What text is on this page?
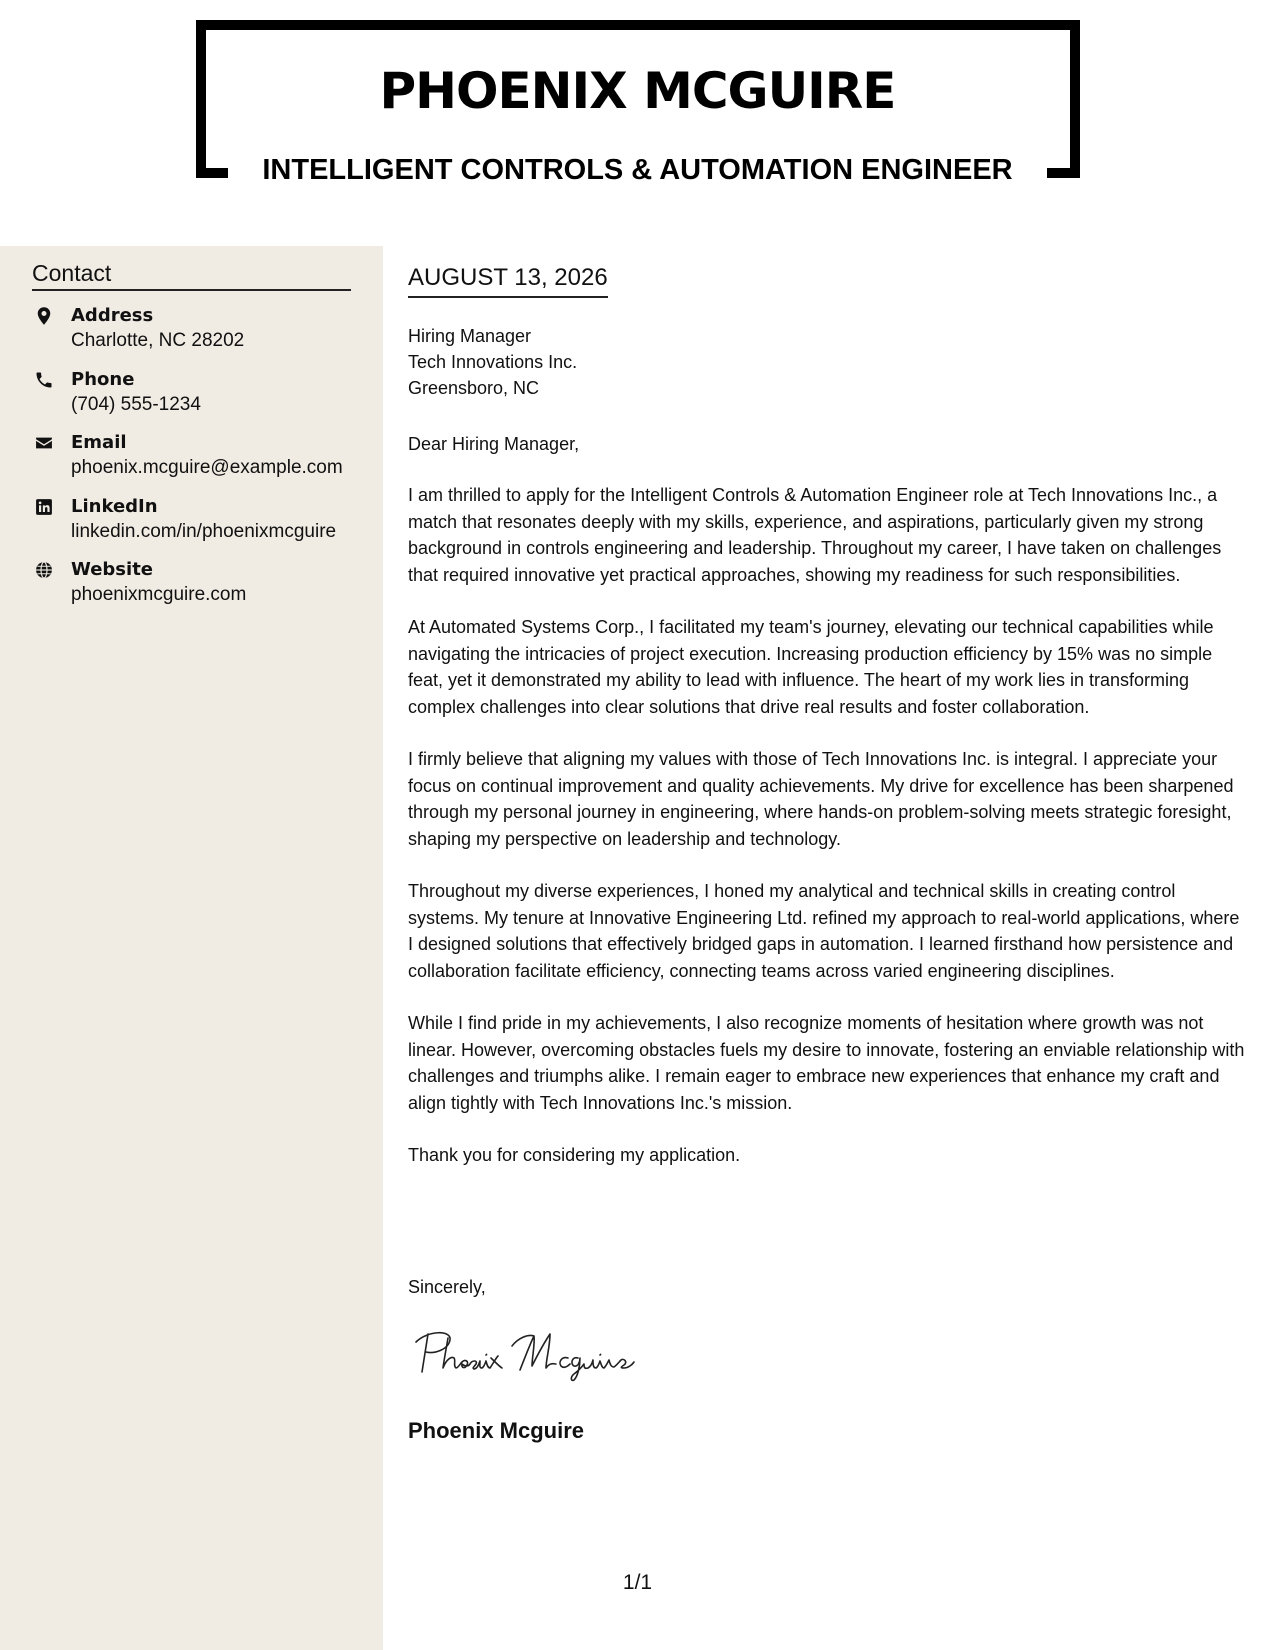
PHOENIX MCGUIRE
INTELLIGENT CONTROLS & AUTOMATION ENGINEER
Contact
Address
Charlotte, NC 28202
Phone
(704) 555-1234
Email
phoenix.mcguire@example.com
LinkedIn
linkedin.com/in/phoenixmcguire
Website
phoenixmcguire.com
AUGUST 13, 2026
Hiring Manager
Tech Innovations Inc.
Greensboro, NC
Dear Hiring Manager,

I am thrilled to apply for the Intelligent Controls & Automation Engineer role at Tech Innovations Inc., a match that resonates deeply with my skills, experience, and aspirations, particularly given my strong background in controls engineering and leadership. Throughout my career, I have taken on challenges that required innovative yet practical approaches, showing my readiness for such responsibilities.

At Automated Systems Corp., I facilitated my team's journey, elevating our technical capabilities while navigating the intricacies of project execution. Increasing production efficiency by 15% was no simple feat, yet it demonstrated my ability to lead with influence. The heart of my work lies in transforming complex challenges into clear solutions that drive real results and foster collaboration.

I firmly believe that aligning my values with those of Tech Innovations Inc. is integral. I appreciate your focus on continual improvement and quality achievements. My drive for excellence has been sharpened through my personal journey in engineering, where hands-on problem-solving meets strategic foresight, shaping my perspective on leadership and technology.

Throughout my diverse experiences, I honed my analytical and technical skills in creating control systems. My tenure at Innovative Engineering Ltd. refined my approach to real-world applications, where I designed solutions that effectively bridged gaps in automation. I learned firsthand how persistence and collaboration facilitate efficiency, connecting teams across varied engineering disciplines.

While I find pride in my achievements, I also recognize moments of hesitation where growth was not linear. However, overcoming obstacles fuels my desire to innovate, fostering an enviable relationship with challenges and triumphs alike. I remain eager to embrace new experiences that enhance my craft and align tightly with Tech Innovations Inc.'s mission.

Thank you for considering my application.

Sincerely,
Phoenix Mcguire
1/1
